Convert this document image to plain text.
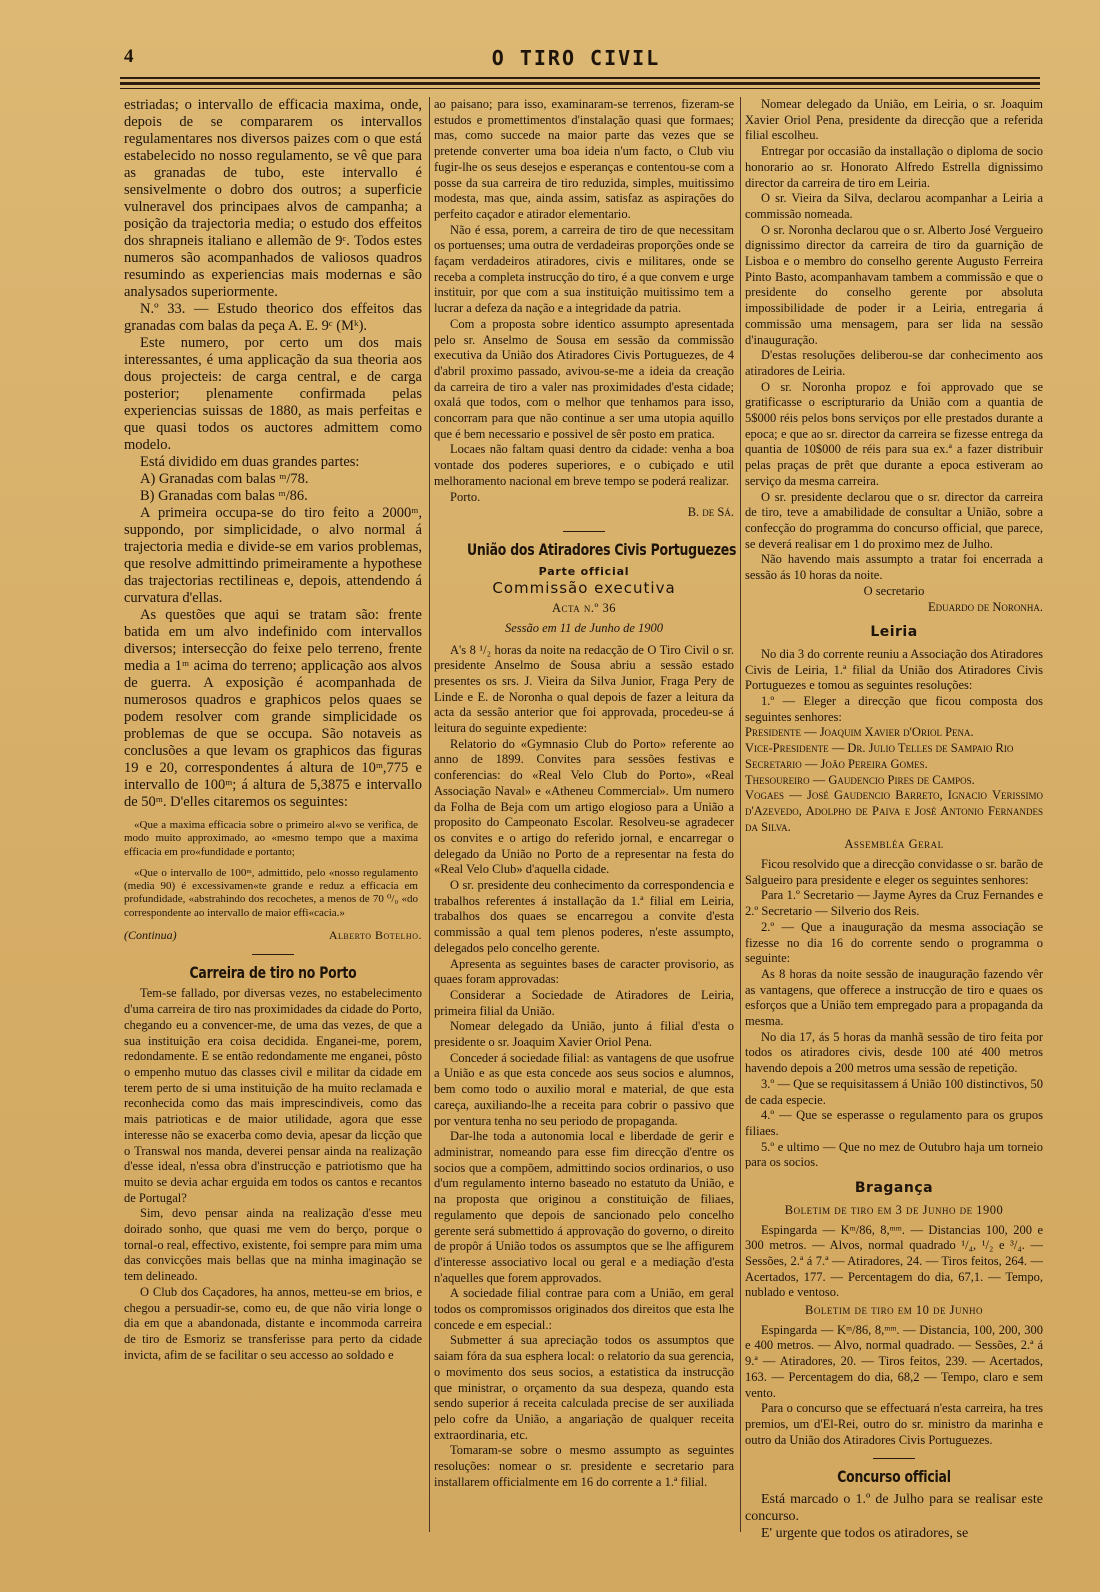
4	O TIRO CIVIL

estriadas; o intervallo de efficacia maxima, onde, depois de se compararem os intervallos regulamentares nos diversos paizes com o que está estabelecido no nosso regulamento, se vê que para as granadas de tubo, este intervallo é sensivelmente o dobro dos outros; a superficie vulneravel dos principaes alvos de campanha; a posição da trajectoria media; o estudo dos effeitos dos shrapneis italiano e allemão de 9ᶜ. Todos estes numeros são acompanhados de valiosos quadros resumindo as experiencias mais modernas e são analysados superiormente.

N.º 33. — Estudo theorico dos effeitos das granadas com balas da peça A. E. 9ᶜ (Mᵏ).

Este numero, por certo um dos mais interessantes, é uma applicação da sua theoria aos dous projecteis: de carga central, e de carga posterior; plenamente confirmada pelas experiencias suissas de 1880, as mais perfeitas e que quasi todos os auctores admittem como modelo.

Está dividido em duas grandes partes:

A) Granadas com balas ᵐ/78.

B) Granadas com balas ᵐ/86.

A primeira occupa-se do tiro feito a 2000ᵐ, suppondo, por simplicidade, o alvo normal á trajectoria media e divide-se em varios problemas, que resolve admittindo primeiramente a hypothese das trajectorias rectilineas e, depois, attendendo á curvatura d'ellas.

As questões que aqui se tratam são: frente batida em um alvo indefinido com intervallos diversos; intersecção do feixe pelo terreno, frente media a 1ᵐ acima do terreno; applicação aos alvos de guerra. A exposição é acompanhada de numerosos quadros e graphicos pelos quaes se podem resolver com grande simplicidade os problemas de que se occupa. São notaveis as conclusões a que levam os graphicos das figuras 19 e 20, correspondentes á altura de 10ᵐ,775 e intervallo de 100ᵐ; á altura de 5,3875 e intervallo de 50ᵐ. D'elles citaremos os seguintes:

«Que a maxima efficacia sobre o primeiro al«vo se verifica, de modo muito approximado, ao «mesmo tempo que a maxima efficacia em pro«fundidade e portanto;

«Que o intervallo de 100ᵐ, admittido, pelo «nosso regulamento (media 90) é excessivamen«te grande e reduz a efficacia em profundidade, «abstrahindo dos recochetes, a menos de 70 ⁰/₀ «do correspondente ao intervallo de maior effi«cacia.»

(Continua)	Alberto Botelho.
Carreira de tiro no Porto

Tem-se fallado, por diversas vezes, no estabelecimento d'uma carreira de tiro nas proximidades da cidade do Porto, chegando eu a convencer-me, de uma das vezes, de que a sua instituição era coisa decidida. Enganei-me, porem, redondamente. E se então redondamente me enganei, pôsto o empenho mutuo das classes civil e militar da cidade em terem perto de si uma instituição de ha muito reclamada e reconhecida como das mais imprescindiveis, como das mais patrioticas e de maior utilidade, agora que esse interesse não se exacerba como devia, apesar da licção que o Transwal nos manda, deverei pensar ainda na realização d'esse ideal, n'essa obra d'instrucção e patriotismo que ha muito se devia achar erguida em todos os cantos e recantos de Portugal?

Sim, devo pensar ainda na realização d'esse meu doirado sonho, que quasi me vem do berço, porque o tornal-o real, effectivo, existente, foi sempre para mim uma das convicções mais bellas que na minha imaginação se tem delineado.

O Club dos Caçadores, ha annos, metteu-se em brios, e chegou a persuadir-se, como eu, de que não viria longe o dia em que a abandonada, distante e incommoda carreira de tiro de Esmoriz se transferisse para perto da cidade invicta, afim de se facilitar o seu accesso ao soldado e

ao paisano; para isso, examinaram-se terrenos, fizeram-se estudos e promettimentos d'instalação quasi que formaes; mas, como succede na maior parte das vezes que se pretende converter uma boa ideia n'um facto, o Club viu fugir-lhe os seus desejos e esperanças e contentou-se com a posse da sua carreira de tiro reduzida, simples, muitissimo modesta, mas que, ainda assim, satisfaz as aspirações do perfeito caçador e atirador elementario.

Não é essa, porem, a carreira de tiro de que necessitam os portuenses; uma outra de verdadeiras proporções onde se façam verdadeiros atiradores, civis e militares, onde se receba a completa instrucção do tiro, é a que convem e urge instituir, por que com a sua instituição muitissimo tem a lucrar a defeza da nação e a integridade da patria.

Com a proposta sobre identico assumpto apresentada pelo sr. Anselmo de Sousa em sessão da commissão executiva da União dos Atiradores Civis Portuguezes, de 4 d'abril proximo passado, avivou-se-me a ideia da creação da carreira de tiro a valer nas proximidades d'esta cidade; oxalá que todos, com o melhor que tenhamos para isso, concorram para que não continue a ser uma utopia aquillo que é bem necessario e possivel de sêr posto em pratica.

Locaes não faltam quasi dentro da cidade: venha a boa vontade dos poderes superiores, e o cubiçado e util melhoramento nacional em breve tempo se poderá realizar.

Porto.

B. de Sá.

União dos Atiradores Civis Portuguezes
Parte official
Commissão executiva
Acta n.º 36
Sessão em 11 de Junho de 1900

A's 8 ¹/₂ horas da noite na redacção de O Tiro Civil o sr. presidente Anselmo de Sousa abriu a sessão estado presentes os srs. J. Vieira da Silva Junior, Fraga Pery de Linde e E. de Noronha o qual depois de fazer a leitura da acta da sessão anterior que foi approvada, procedeu-se á leitura do seguinte expediente:

Relatorio do «Gymnasio Club do Porto» referente ao anno de 1899. Convites para sessões festivas e conferencias: do «Real Velo Club do Porto», «Real Associação Naval» e «Atheneu Commercial». Um numero da Folha de Beja com um artigo elogioso para a União a proposito do Campeonato Escolar. Resolveu-se agradecer os convites e o artigo do referido jornal, e encarregar o delegado da União no Porto de a representar na festa do «Real Velo Club» d'aquella cidade.

O sr. presidente deu conhecimento da correspondencia e trabalhos referentes á installação da 1.ª filial em Leiria, trabalhos dos quaes se encarregou a convite d'esta commissão a qual tem plenos poderes, n'este assumpto, delegados pelo concelho gerente.

Apresenta as seguintes bases de caracter provisorio, as quaes foram approvadas:

Considerar a Sociedade de Atiradores de Leiria, primeira filial da União.

Nomear delegado da União, junto á filial d'esta o presidente o sr. Joaquim Xavier Oriol Pena.

Conceder á sociedade filial: as vantagens de que usofrue a União e as que esta concede aos seus socios e alumnos, bem como todo o auxilio moral e material, de que esta careça, auxiliando-lhe a receita para cobrir o passivo que por ventura tenha no seu periodo de propaganda.

Dar-lhe toda a autonomia local e liberdade de gerir e administrar, nomeando para esse fim direcção d'entre os socios que a compõem, admittindo socios ordinarios, o uso d'um regulamento interno baseado no estatuto da União, e na proposta que originou a constituição de filiaes, regulamento que depois de sancionado pelo concelho gerente será submettido á approvação do governo, o direito de propôr á União todos os assumptos que se lhe affigurem d'interesse associativo local ou geral e a mediação d'esta n'aquelles que forem approvados.

A sociedade filial contrae para com a União, em geral todos os compromissos originados dos direitos que esta lhe concede e em especial.:

Submetter á sua apreciação todos os assumptos que saiam fóra da sua esphera local: o relatorio da sua gerencia, o movimento dos seus socios, a estatistica da instrucção que ministrar, o orçamento da sua despeza, quando esta sendo superior á receita calculada precise de ser auxiliada pelo cofre da União, a angariação de qualquer receita extraordinaria, etc.

Tomaram-se sobre o mesmo assumpto as seguintes resoluções: nomear o sr. presidente e secretario para installarem officialmente em 16 do corrente a 1.ª filial.

Nomear delegado da União, em Leiria, o sr. Joaquim Xavier Oriol Pena, presidente da direcção que a referida filial escolheu.

Entregar por occasião da installação o diploma de socio honorario ao sr. Honorato Alfredo Estrella dignissimo director da carreira de tiro em Leiria.

O sr. Vieira da Silva, declarou acompanhar a Leiria a commissão nomeada.

O sr. Noronha declarou que o sr. Alberto José Vergueiro dignissimo director da carreira de tiro da guarnição de Lisboa e o membro do conselho gerente Augusto Ferreira Pinto Basto, acompanhavam tambem a commissão e que o presidente do conselho gerente por absoluta impossibilidade de poder ir a Leiria, entregaria á commissão uma mensagem, para ser lida na sessão d'inauguração.

D'estas resoluções deliberou-se dar conhecimento aos atiradores de Leiria.

O sr. Noronha propoz e foi approvado que se gratificasse o escripturario da União com a quantia de 5$000 réis pelos bons serviços por elle prestados durante a epoca; e que ao sr. director da carreira se fizesse entrega da quantia de 10$000 de réis para sua ex.ª a fazer distribuir pelas praças de prêt que durante a epoca estiveram ao serviço da mesma carreira.

O sr. presidente declarou que o sr. director da carreira de tiro, teve a amabilidade de consultar a União, sobre a confecção do programma do concurso official, que parece, se deverá realisar em 1 do proximo mez de Julho.

Não havendo mais assumpto a tratar foi encerrada a sessão ás 10 horas da noite.

O secretario

Eduardo de Noronha.

Leiria

No dia 3 do corrente reuniu a Associação dos Atiradores Civis de Leiria, 1.ª filial da União dos Atiradores Civis Portuguezes e tomou as seguintes resoluções:

1.º — Eleger a direcção que ficou composta dos seguintes senhores:

Presidente — Joaquim Xavier d'Oriol Pena.

Vice-Presidente — Dr. Julio Telles de Sampaio Rio

Secretario — João Pereira Gomes.

Thesoureiro — Gaudencio Pires de Campos.

Vogaes — José Gaudencio Barreto, Ignacio Verissimo d'Azevedo, Adolpho de Paiva e José Antonio Fernandes da Silva.

Assembléa Geral

Ficou resolvido que a direcção convidasse o sr. barão de Salgueiro para presidente e eleger os seguintes senhores:

Para 1.º Secretario — Jayme Ayres da Cruz Fernandes e 2.º Secretario — Silverio dos Reis.

2.º — Que a inauguração da mesma associação se fizesse no dia 16 do corrente sendo o programma o seguinte:

As 8 horas da noite sessão de inauguração fazendo vêr as vantagens, que offerece a instrucção de tiro e quaes os esforços que a União tem empregado para a propaganda da mesma.

No dia 17, ás 5 horas da manhã sessão de tiro feita por todos os atiradores civis, desde 100 até 400 metros havendo depois a 200 metros uma sessão de repetição.

3.º — Que se requisitassem á União 100 distinctivos, 50 de cada especie.

4.º — Que se esperasse o regulamento para os grupos filiaes.

5.º e ultimo — Que no mez de Outubro haja um torneio para os socios.

Bragança
Boletim de tiro em 3 de Junho de 1900

Espingarda — Kᵐ/86, 8,ᵐᵐ. — Distancias 100, 200 e 300 metros. — Alvos, normal quadrado ¹/₄, ¹/₂ e ³/₄. — Sessões, 2.ª á 7.ª — Atiradores, 24. — Tiros feitos, 264. — Acertados, 177. — Percentagem do dia, 67,1. — Tempo, nublado e ventoso.

Boletim de tiro em 10 de Junho

Espingarda — Kᵐ/86, 8,ᵐᵐ. — Distancia, 100, 200, 300 e 400 metros. — Alvo, normal quadrado. — Sessões, 2.ª á 9.ª — Atiradores, 20. — Tiros feitos, 239. — Acertados, 163. — Percentagem do dia, 68,2 — Tempo, claro e sem vento.

Para o concurso que se effectuará n'esta carreira, ha tres premios, um d'El-Rei, outro do sr. ministro da marinha e outro da União dos Atiradores Civis Portuguezes.

Concurso official

Está marcado o 1.º de Julho para se realisar este concurso.

E' urgente que todos os atiradores, se
